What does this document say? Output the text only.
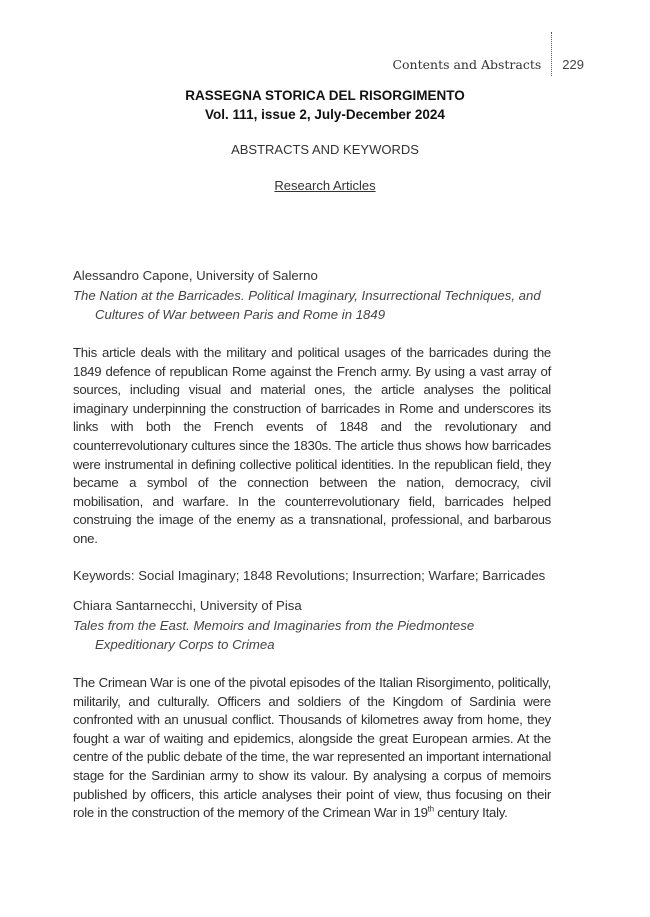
Contents and Abstracts	229
RASSEGNA STORICA DEL RISORGIMENTO
Vol. 111, issue 2, July-December 2024
ABSTRACTS AND KEYWORDS
Research Articles
Alessandro Capone, University of Salerno
The Nation at the Barricades. Political Imaginary, Insurrectional Techniques, and Cultures of War between Paris and Rome in 1849
This article deals with the military and political usages of the barricades during the 1849 defence of republican Rome against the French army. By using a vast array of sources, including visual and material ones, the article analyses the political imaginary underpinning the construction of barricades in Rome and underscores its links with both the French events of 1848 and the revolutionary and counterrevolutionary cultures since the 1830s. The article thus shows how barricades were instrumental in defining collective political identities. In the republican field, they became a symbol of the connection between the nation, democracy, civil mobilisation, and warfare. In the counterrevolutionary field, barricades helped construing the image of the enemy as a transnational, professional, and barbarous one.
Keywords: Social Imaginary; 1848 Revolutions; Insurrection; Warfare; Barricades
Chiara Santarnecchi, University of Pisa
Tales from the East. Memoirs and Imaginaries from the Piedmontese Expeditionary Corps to Crimea
The Crimean War is one of the pivotal episodes of the Italian Risorgimento, politically, militarily, and culturally. Officers and soldiers of the Kingdom of Sardinia were confronted with an unusual conflict. Thousands of kilometres away from home, they fought a war of waiting and epidemics, alongside the great European armies. At the centre of the public debate of the time, the war represented an important international stage for the Sardinian army to show its valour. By analysing a corpus of memoirs published by officers, this article analyses their point of view, thus focusing on their role in the construction of the memory of the Crimean War in 19th century Italy.
